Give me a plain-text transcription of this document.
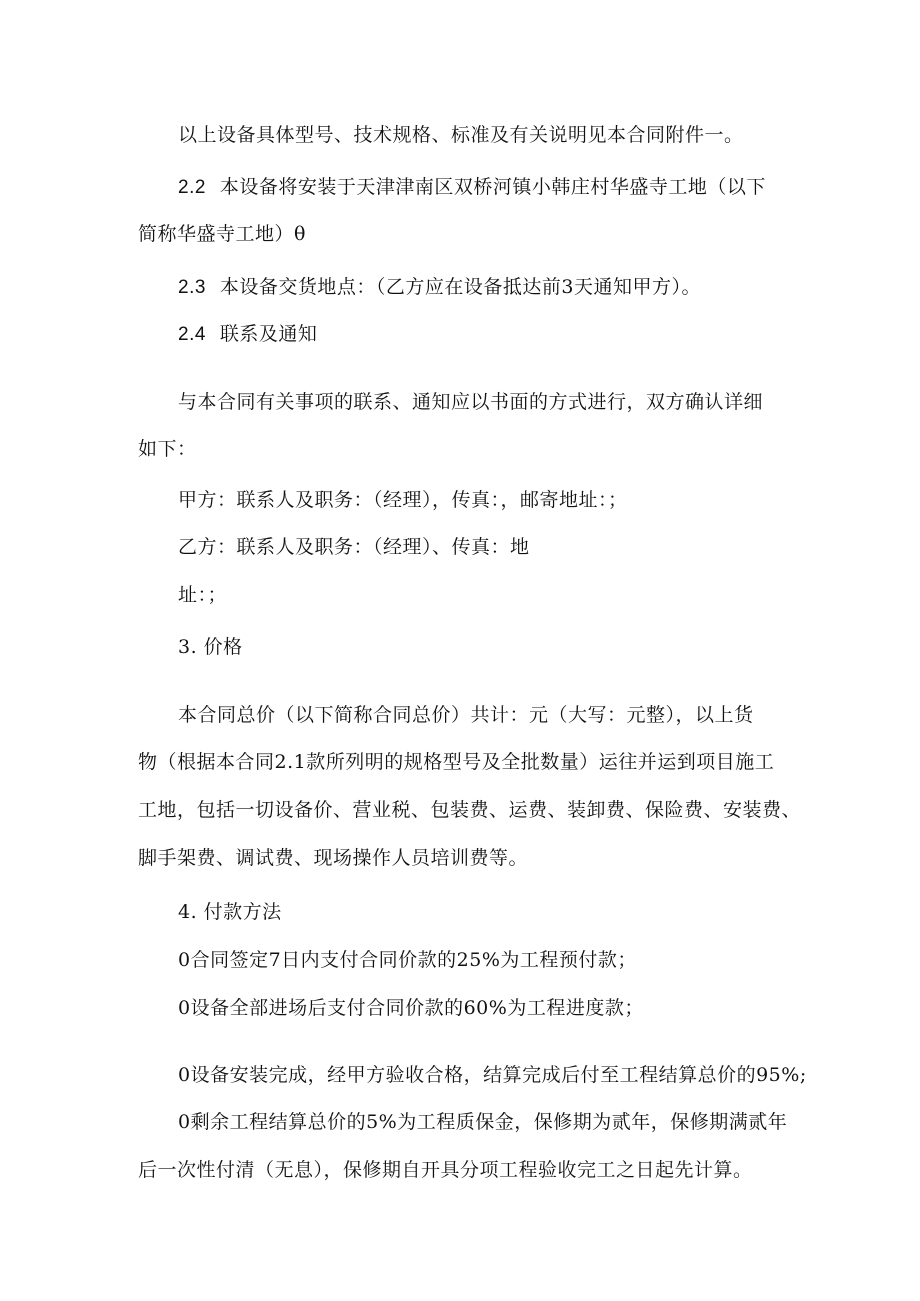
以上设备具体型号、技术规格、标准及有关说明见本合同附件一。
2.2 本设备将安装于天津津南区双桥河镇小韩庄村华盛寺工地（以下
简称华盛寺工地）θ
2.3 本设备交货地点：（乙方应在设备抵达前3天通知甲方）。
2.4 联系及通知
与本合同有关事项的联系、通知应以书面的方式进行，双方确认详细
如下：
甲方：联系人及职务：（经理），传真：，邮寄地址：；
乙方：联系人及职务：（经理）、传真：地
址：；
3. 价格
本合同总价（以下简称合同总价）共计：元（大写：元整），以上货
物（根据本合同2.1款所列明的规格型号及全批数量）运往并运到项目施工
工地，包括一切设备价、营业税、包装费、运费、装卸费、保险费、安装费、
脚手架费、调试费、现场操作人员培训费等。
4. 付款方法
0合同签定7日内支付合同价款的25%为工程预付款；
0设备全部进场后支付合同价款的60%为工程进度款；
0设备安装完成，经甲方验收合格，结算完成后付至工程结算总价的95%;
0剩余工程结算总价的5%为工程质保金，保修期为贰年，保修期满贰年
后一次性付清（无息），保修期自开具分项工程验收完工之日起先计算。
